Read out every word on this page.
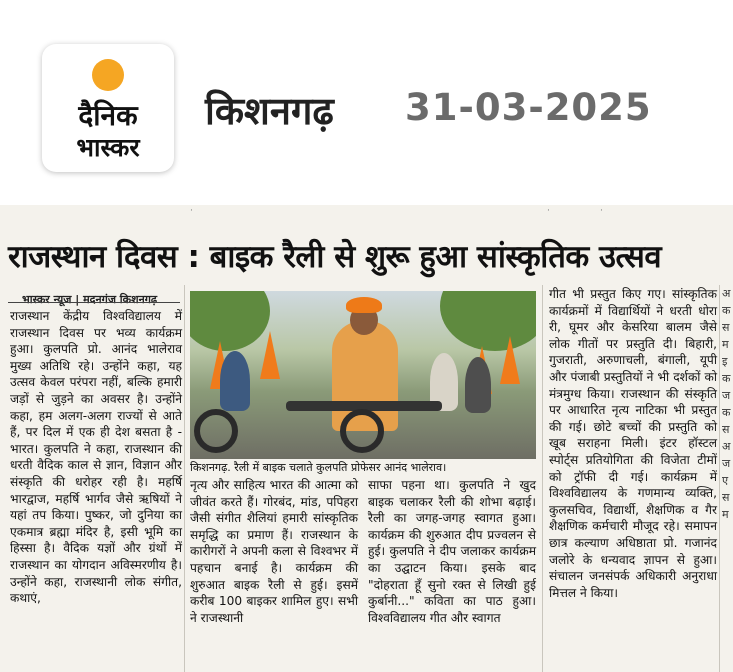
दैनिक
भास्कर
किशनगढ़ 31-03-2025
·	·	·
राजस्थान दिवस : बाइक रैली से शुरू हुआ सांस्कृतिक उत्सव
भास्कर न्यूज | मदनगंज किशनगढ़

राजस्थान केंद्रीय विश्वविद्यालय में राजस्थान दिवस पर भव्य कार्यक्रम हुआ। कुलपति प्रो. आनंद भालेराव मुख्य अतिथि रहे। उन्होंने कहा, यह उत्सव केवल परंपरा नहीं, बल्कि हमारी जड़ों से जुड़ने का अवसर है। उन्होंने कहा, हम अलग-अलग राज्यों से आते हैं, पर दिल में एक ही देश बसता है - भारत। कुलपति ने कहा, राजस्थान की धरती वैदिक काल से ज्ञान, विज्ञान और संस्कृति की धरोहर रही है। महर्षि भारद्वाज, महर्षि भार्गव जैसे ऋषियों ने यहां तप किया। पुष्कर, जो दुनिया का एकमात्र ब्रह्मा मंदिर है, इसी भूमि का हिस्सा है। वैदिक यज्ञों और ग्रंथों में राजस्थान का योगदान अविस्मरणीय है। उन्होंने कहा, राजस्थानी लोक संगीत, कथाएं,

किशनगढ़. रैली में बाइक चलाते कुलपति प्रोफेसर आनंद भालेराव।

नृत्य और साहित्य भारत की आत्मा को जीवंत करते हैं। गोरबंद, मांड, पपिहरा जैसी संगीत शैलियां हमारी सांस्कृतिक समृद्धि का प्रमाण हैं। राजस्थान के कारीगरों ने अपनी कला से विश्वभर में पहचान बनाई है। कार्यक्रम की शुरुआत बाइक रैली से हुई। इसमें करीब 100 बाइकर शामिल हुए। सभी ने राजस्थानी

साफा पहना था। कुलपति ने खुद बाइक चलाकर रैली की शोभा बढ़ाई। रैली का जगह-जगह स्वागत हुआ। कार्यक्रम की शुरुआत दीप प्रज्वलन से हुई। कुलपति ने दीप जलाकर कार्यक्रम का उद्घाटन किया। इसके बाद "दोहराता हूँ सुनो रक्त से लिखी हुई कुर्बानी..." कविता का पाठ हुआ। विश्वविद्यालय गीत और स्वागत

गीत भी प्रस्तुत किए गए। सांस्कृतिक कार्यक्रमों में विद्यार्थियों ने धरती धोरा री, घूमर और केसरिया बालम जैसे लोक गीतों पर प्रस्तुति दी। बिहारी, गुजराती, अरुणाचली, बंगाली, यूपी और पंजाबी प्रस्तुतियों ने भी दर्शकों को मंत्रमुग्ध किया। राजस्थान की संस्कृति पर आधारित नृत्य नाटिका भी प्रस्तुत की गई। छोटे बच्चों की प्रस्तुति को खूब सराहना मिली। इंटर हॉस्टल स्पोर्ट्स प्रतियोगिता की विजेता टीमों को ट्रॉफी दी गई। कार्यक्रम में विश्वविद्यालय के गणमान्य व्यक्ति, कुलसचिव, विद्यार्थी, शैक्षणिक व गैर शैक्षणिक कर्मचारी मौजूद रहे। समापन छात्र कल्याण अधिष्ठाता प्रो. गजानंद जलोरे के धन्यवाद ज्ञापन से हुआ। संचालन जनसंपर्क अधिकारी अनुराधा मित्तल ने किया।

अ क स म इ क ज क स अ ज ए स म
